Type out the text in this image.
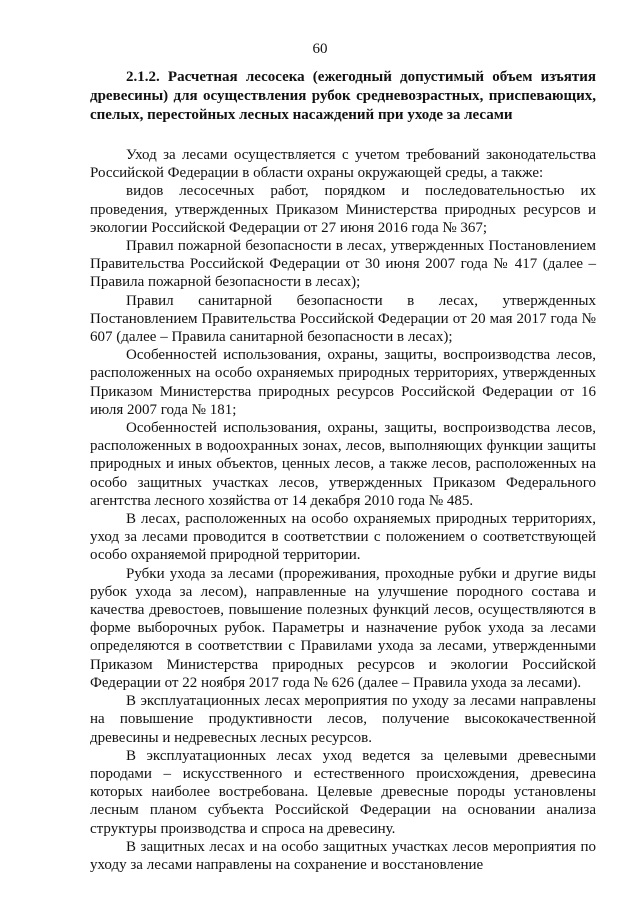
60
2.1.2. Расчетная лесосека (ежегодный допустимый объем изъятия древесины) для осуществления рубок средневозрастных, приспевающих, спелых, перестойных лесных насаждений при уходе за лесами

Уход за лесами осуществляется с учетом требований законодательства Российской Федерации в области охраны окружающей среды, а также:

видов лесосечных работ, порядком и последовательностью их проведения, утвержденных Приказом Министерства природных ресурсов и экологии Российской Федерации от 27 июня 2016 года № 367;

Правил пожарной безопасности в лесах, утвержденных Постановлением Правительства Российской Федерации от 30 июня 2007 года № 417 (далее – Правила пожарной безопасности в лесах);

Правил санитарной безопасности в лесах, утвержденных Постановлением Правительства Российской Федерации от 20 мая 2017 года № 607 (далее – Правила санитарной безопасности в лесах);

Особенностей использования, охраны, защиты, воспроизводства лесов, расположенных на особо охраняемых природных территориях, утвержденных Приказом Министерства природных ресурсов Российской Федерации от 16 июля 2007 года № 181;

Особенностей использования, охраны, защиты, воспроизводства лесов, расположенных в водоохранных зонах, лесов, выполняющих функции защиты природных и иных объектов, ценных лесов, а также лесов, расположенных на особо защитных участках лесов, утвержденных Приказом Федерального агентства лесного хозяйства от 14 декабря 2010 года № 485.

В лесах, расположенных на особо охраняемых природных территориях, уход за лесами проводится в соответствии с положением о соответствующей особо охраняемой природной территории.

Рубки ухода за лесами (прореживания, проходные рубки и другие виды рубок ухода за лесом), направленные на улучшение породного состава и качества древостоев, повышение полезных функций лесов, осуществляются в форме выборочных рубок. Параметры и назначение рубок ухода за лесами определяются в соответствии с Правилами ухода за лесами, утвержденными Приказом Министерства природных ресурсов и экологии Российской Федерации от 22 ноября 2017 года № 626 (далее – Правила ухода за лесами).

В эксплуатационных лесах мероприятия по уходу за лесами направлены на повышение продуктивности лесов, получение высококачественной древесины и недревесных лесных ресурсов.

В эксплуатационных лесах уход ведется за целевыми древесными породами – искусственного и естественного происхождения, древесина которых наиболее востребована. Целевые древесные породы установлены лесным планом субъекта Российской Федерации на основании анализа структуры производства и спроса на древесину.

В защитных лесах и на особо защитных участках лесов мероприятия по уходу за лесами направлены на сохранение и восстановление
